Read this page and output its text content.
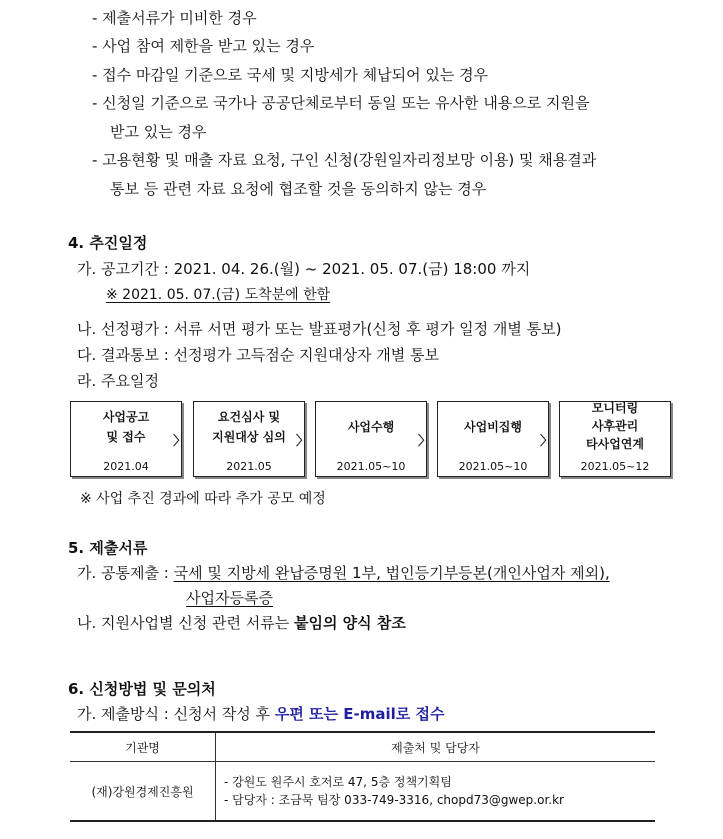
- 제출서류가 미비한 경우
- 사업 참여 제한을 받고 있는 경우
- 접수 마감일 기준으로 국세 및 지방세가 체납되어 있는 경우
- 신청일 기준으로 국가나 공공단체로부터 동일 또는 유사한 내용으로 지원을
받고 있는 경우
- 고용현황 및 매출 자료 요청, 구인 신청(강원일자리정보망 이용) 및 채용결과
통보 등 관련 자료 요청에 협조할 것을 동의하지 않는 경우
4. 추진일정
가. 공고기간 : 2021. 04. 26.(월) ~ 2021. 05. 07.(금) 18:00 까지
※ 2021. 05. 07.(금) 도착분에 한함
나. 선정평가 : 서류 서면 평가 또는 발표평가(신청 후 평가 일정 개별 통보)
다. 결과통보 : 선정평가 고득점순 지원대상자 개별 통보
라. 주요일정
사업공고
및 접수
2021.04
〉
요건심사 및
지원대상 심의
2021.05
〉
사업수행
2021.05~10
〉
사업비집행
2021.05~10
〉
모니터링
사후관리
타사업연계
2021.05~12
※ 사업 추진 경과에 따라 추가 공모 예정
5. 제출서류
가. 공통제출 : 국세 및 지방세 완납증명원 1부, 법인등기부등본(개인사업자 제외),
사업자등록증
나. 지원사업별 신청 관련 서류는 붙임의 양식 참조
6. 신청방법 및 문의처
가. 제출방식 : 신청서 작성 후 우편 또는 E-mail로 접수
기관명	제출처 및 담당자
(재)강원경제진흥원	- 강원도 원주시 호저로 47, 5층 정책기획팀
- 담당자 : 조금묵 팀장 033-749-3316, chopd73@gwep.or.kr
